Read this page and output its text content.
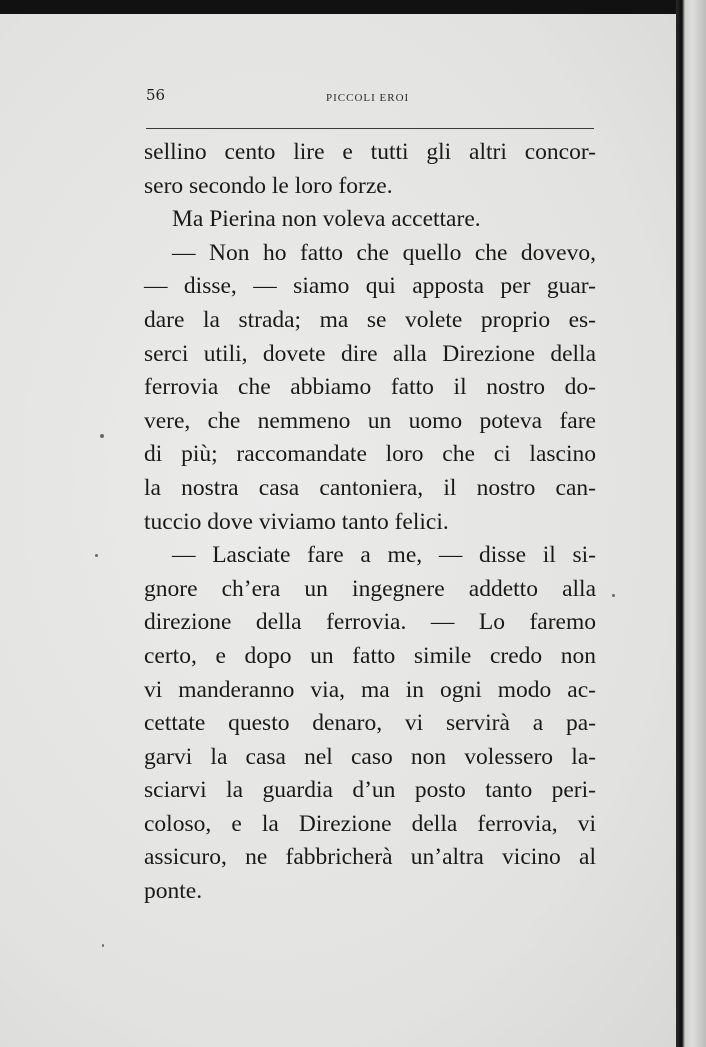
56	PICCOLI EROI
sellino cento lire e tutti gli altri concor-
sero secondo le loro forze.
Ma Pierina non voleva accettare.
— Non ho fatto che quello che dovevo,
— disse, — siamo qui apposta per guar-
dare la strada; ma se volete proprio es-
serci utili, dovete dire alla Direzione della
ferrovia che abbiamo fatto il nostro do-
vere, che nemmeno un uomo poteva fare
di più; raccomandate loro che ci lascino
la nostra casa cantoniera, il nostro can-
tuccio dove viviamo tanto felici.
— Lasciate fare a me, — disse il si-
gnore ch’era un ingegnere addetto alla
direzione della ferrovia. — Lo faremo
certo, e dopo un fatto simile credo non
vi manderanno via, ma in ogni modo ac-
cettate questo denaro, vi servirà a pa-
garvi la casa nel caso non volessero la-
sciarvi la guardia d’un posto tanto peri-
coloso, e la Direzione della ferrovia, vi
assicuro, ne fabbricherà un’altra vicino al
ponte.
